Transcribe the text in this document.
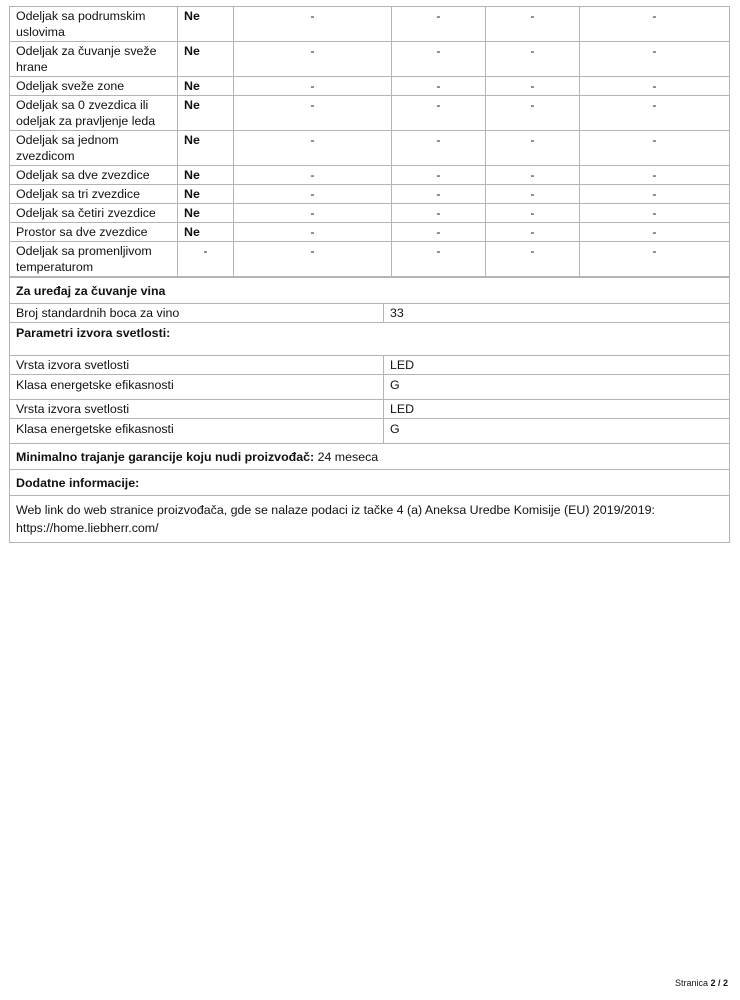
Odeljak sa podrumskim uslovima	Ne	-	-	-	-
Odeljak za čuvanje sveže hrane	Ne	-	-	-	-
Odeljak sveže zone	Ne	-	-	-	-
Odeljak sa 0 zvezdica ili odeljak za pravljenje leda	Ne	-	-	-	-
Odeljak sa jednom zvezdicom	Ne	-	-	-	-
Odeljak sa dve zvezdice	Ne	-	-	-	-
Odeljak sa tri zvezdice	Ne	-	-	-	-
Odeljak sa četiri zvezdice	Ne	-	-	-	-
Prostor sa dve zvezdice	Ne	-	-	-	-
Odeljak sa promenljivom temperaturom	-	-	-	-	-
Za uređaj za čuvanje vina	
Broj standardnih boca za vino	33
Parametri izvora svetlosti:	

Vrsta izvora svetlosti	LED
Klasa energetske efikasnosti	G
Vrsta izvora svetlosti	LED
Klasa energetske efikasnosti	G
Minimalno trajanje garancije koju nudi proizvođač: 24 meseca	
Dodatne informacije:	
Web link do web stranice proizvođača, gde se nalaze podaci iz tačke 4 (a) Aneksa Uredbe Komisije (EU) 2019/2019: https://home.liebherr.com/	
Stranica 2 / 2
